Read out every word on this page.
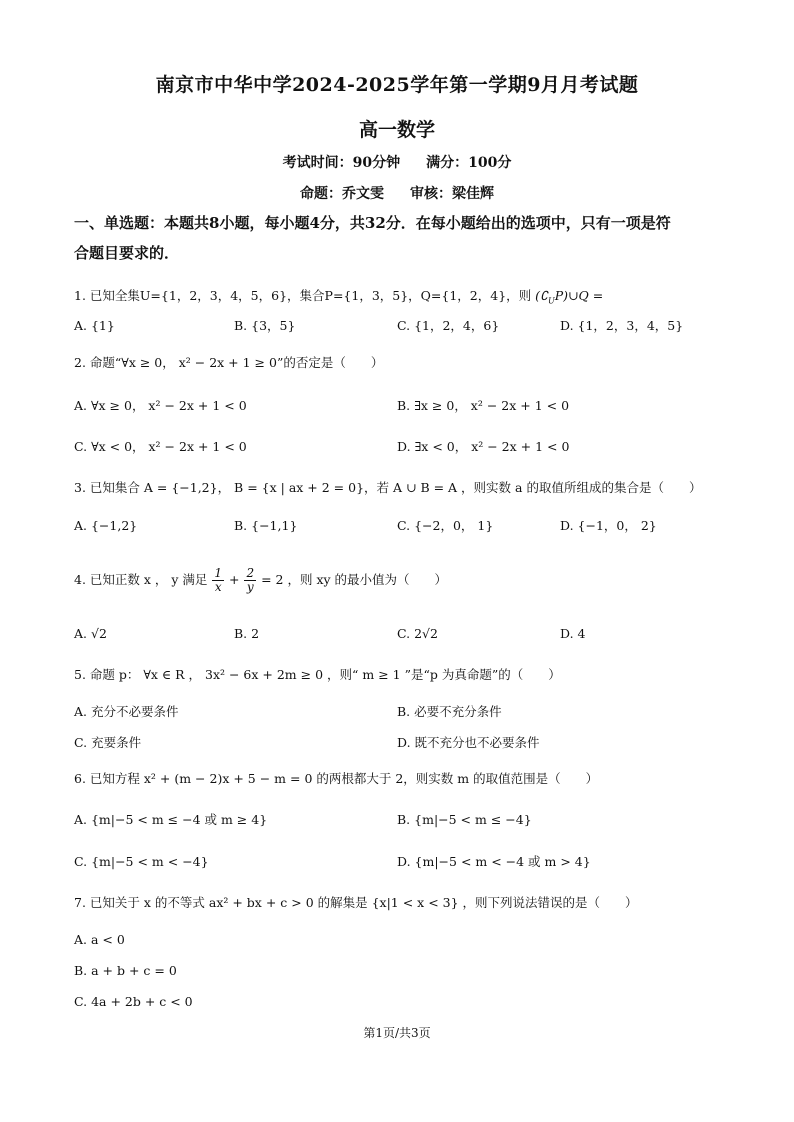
南京市中华中学2024-2025学年第一学期9月月考试题
高一数学
考试时间：90分钟 满分：100分
命题：乔文雯 审核：梁佳辉
一、单选题：本题共8小题，每小题4分，共32分．在每小题给出的选项中，只有一项是符
合题目要求的．
1. 已知全集U={1，2，3，4，5，6}，集合P={1，3，5}，Q={1，2，4}，则 $(∁_UP)\cup Q$ =
A. {1}	B. {3，5}	C. {1，2，4，6}	D. {1，2，3，4，5}
2. 命题“∀x ≥ 0， x² − 2x + 1 ≥ 0”的否定是（　　）
A. ∀x ≥ 0， x² − 2x + 1 < 0	B. ∃x ≥ 0， x² − 2x + 1 < 0
C. ∀x < 0， x² − 2x + 1 < 0	D. ∃x < 0， x² − 2x + 1 < 0
3. 已知集合 A = {−1,2}， B = {x | ax + 2 = 0}，若 A ∪ B = A ，则实数 a 的取值所组成的集合是（　　）
A. {−1,2}	B. {−1,1}	C. {−2，0， 1}	D. {−1，0， 2}
4. 已知正数 x ， y 满足 $\frac{1}{x} + \frac{2}{y} = 2$ ，则 xy 的最小值为（　　）
A. √2	B. 2	C. 2√2	D. 4
5. 命题 p： ∀x ∈ R ， 3x² − 6x + 2m ≥ 0 ，则“ m ≥ 1 ”是“p 为真命题”的（　　）
A. 充分不必要条件	B. 必要不充分条件
C. 充要条件	D. 既不充分也不必要条件
6. 已知方程 x² + (m − 2)x + 5 − m = 0 的两根都大于 2，则实数 m 的取值范围是（　　）
A. {m|−5 < m ≤ −4 或 m ≥ 4}	B. {m|−5 < m ≤ −4}
C. {m|−5 < m < −4}	D. {m|−5 < m < −4 或 m > 4}
7. 已知关于 x 的不等式 ax² + bx + c > 0 的解集是 {x|1 < x < 3} ，则下列说法错误的是（　　）
A. a < 0
B. a + b + c = 0
C. 4a + 2b + c < 0
第1页/共3页
